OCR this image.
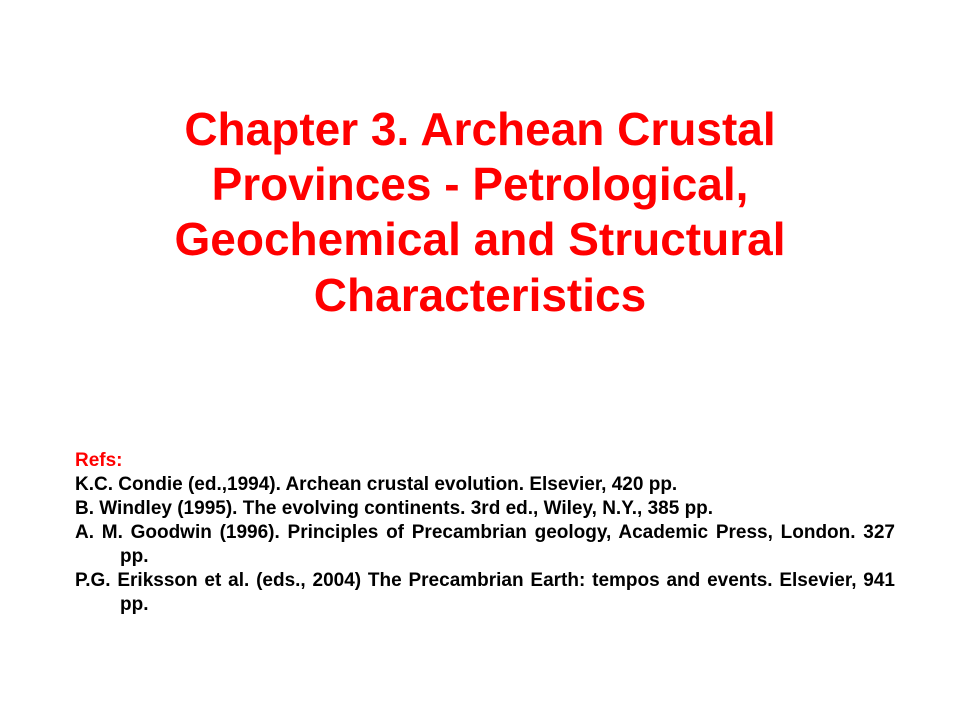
Chapter 3. Archean Crustal
Provinces - Petrological,
Geochemical and Structural
Characteristics
Refs:
K.C. Condie (ed.,1994). Archean crustal evolution. Elsevier, 420 pp.
B. Windley (1995). The evolving continents. 3rd ed., Wiley, N.Y., 385 pp.
A. M. Goodwin (1996). Principles of Precambrian geology, Academic Press, London. 327 pp.
P.G. Eriksson et al. (eds., 2004) The Precambrian Earth: tempos and events. Elsevier, 941 pp.
